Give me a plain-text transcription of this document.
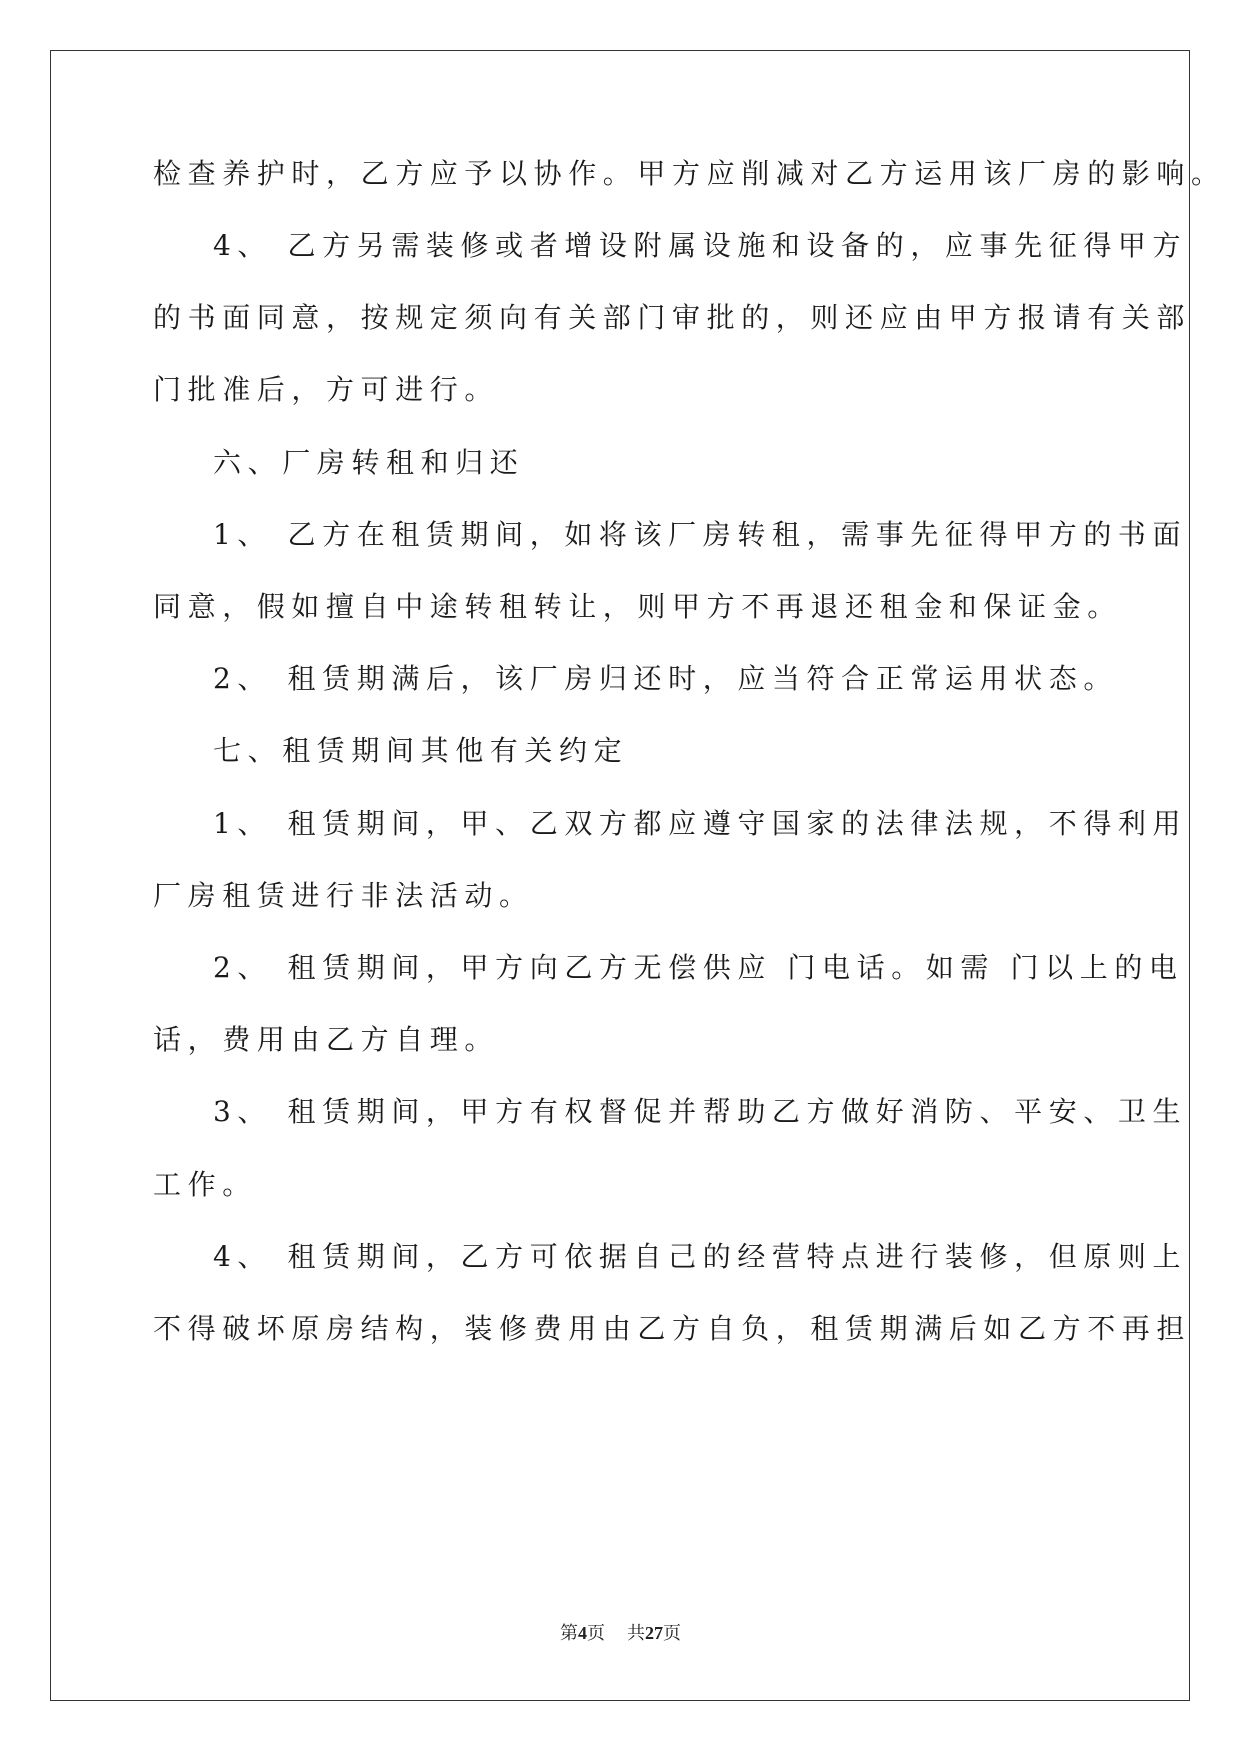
检查养护时，乙方应予以协作。甲方应削减对乙方运用该厂房的影响。
4、 乙方另需装修或者增设附属设施和设备的，应事先征得甲方
的书面同意，按规定须向有关部门审批的，则还应由甲方报请有关部
门批准后，方可进行。
六、厂房转租和归还
1、 乙方在租赁期间，如将该厂房转租，需事先征得甲方的书面
同意，假如擅自中途转租转让，则甲方不再退还租金和保证金。
2、 租赁期满后，该厂房归还时，应当符合正常运用状态。
七、租赁期间其他有关约定
1、 租赁期间，甲、乙双方都应遵守国家的法律法规，不得利用
厂房租赁进行非法活动。
2、 租赁期间，甲方向乙方无偿供应 门电话。如需 门以上的电
话，费用由乙方自理。
3、 租赁期间，甲方有权督促并帮助乙方做好消防、平安、卫生
工作。
4、 租赁期间，乙方可依据自己的经营特点进行装修，但原则上
不得破坏原房结构，装修费用由乙方自负，租赁期满后如乙方不再担
第4页 共27页
